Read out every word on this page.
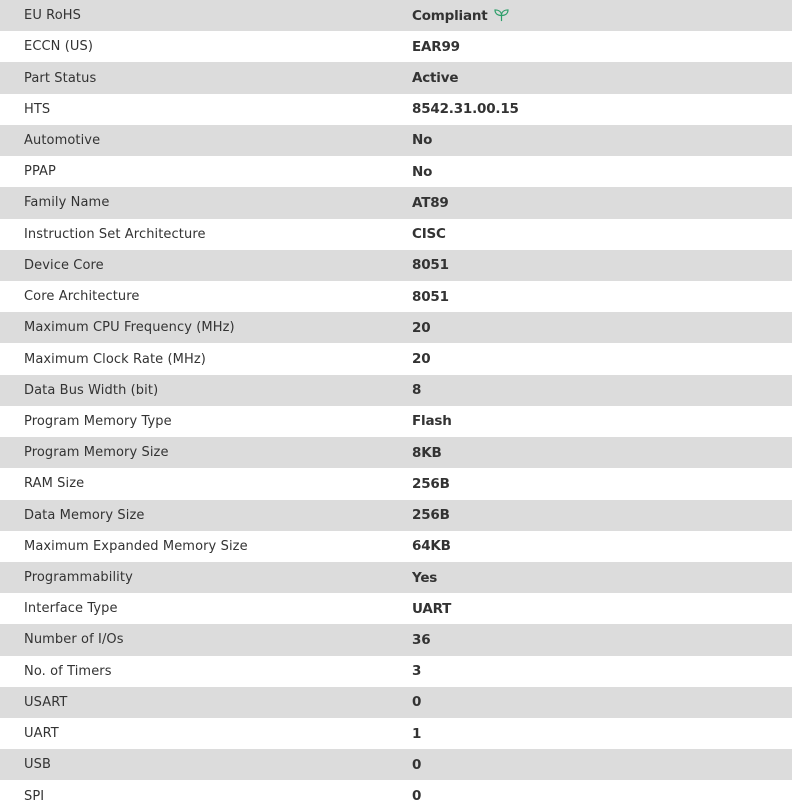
EU RoHS	Compliant
ECCN (US)	EAR99
Part Status	Active
HTS	8542.31.00.15
Automotive	No
PPAP	No
Family Name	AT89
Instruction Set Architecture	CISC
Device Core	8051
Core Architecture	8051
Maximum CPU Frequency (MHz)	20
Maximum Clock Rate (MHz)	20
Data Bus Width (bit)	8
Program Memory Type	Flash
Program Memory Size	8KB
RAM Size	256B
Data Memory Size	256B
Maximum Expanded Memory Size	64KB
Programmability	Yes
Interface Type	UART
Number of I/Os	36
No. of Timers	3
USART	0
UART	1
USB	0
SPI	0
